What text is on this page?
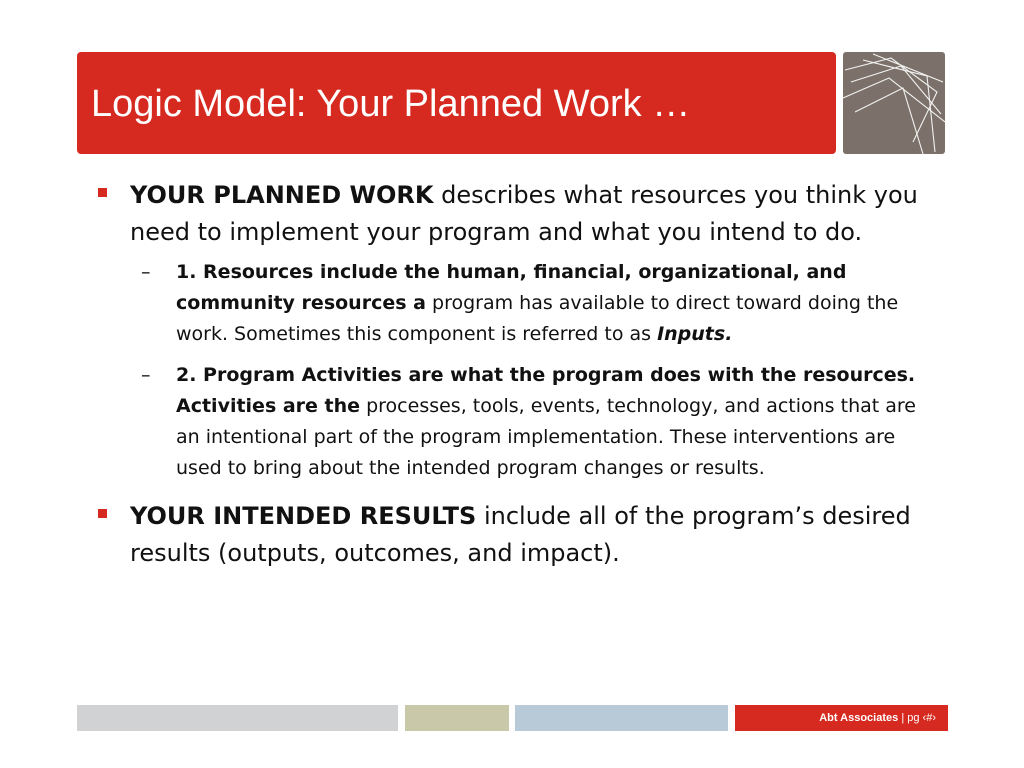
Logic Model: Your Planned Work …
YOUR PLANNED WORK describes what resources you think you need to implement your program and what you intend to do.
– 1. Resources include the human, financial, organizational, and community resources a program has available to direct toward doing the work. Sometimes this component is referred to as Inputs.
– 2. Program Activities are what the program does with the resources. Activities are the processes, tools, events, technology, and actions that are an intentional part of the program implementation. These interventions are used to bring about the intended program changes or results.
YOUR INTENDED RESULTS include all of the program’s desired results (outputs, outcomes, and impact).
Abt Associates | pg ‹#›
